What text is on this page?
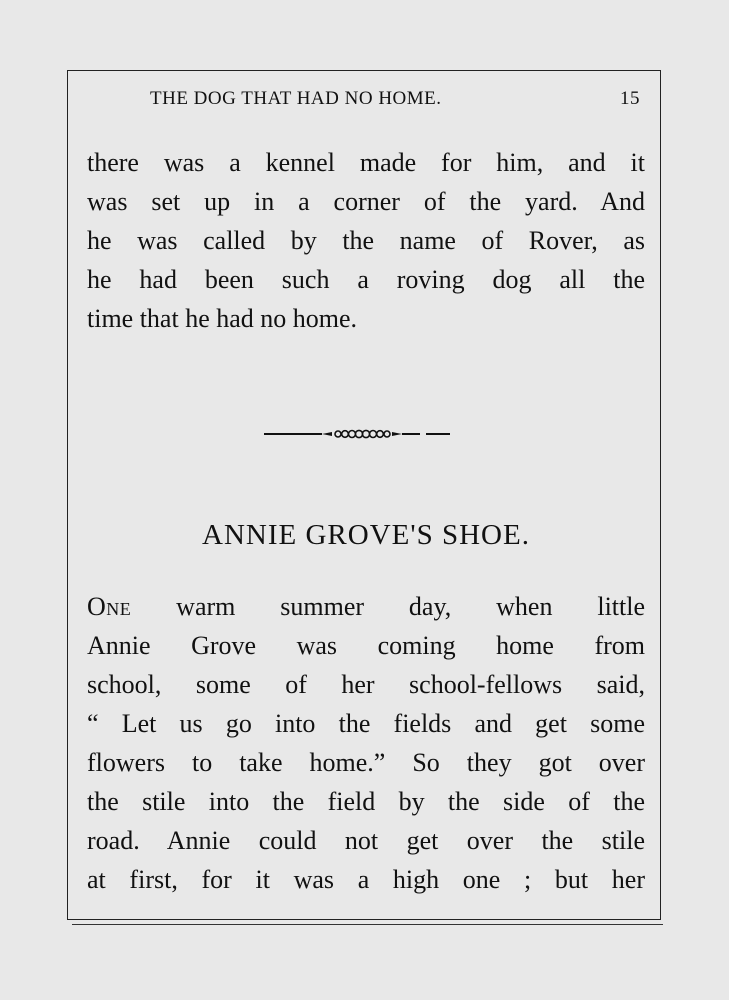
THE DOG THAT HAD NO HOME.	15
there was a kennel made for him, and it
was set up in a corner of the yard. And
he was called by the name of Rover, as
he had been such a roving dog all the
time that he had no home.
ANNIE GROVE'S SHOE.
One warm summer day, when little
Annie Grove was coming home from
school, some of her school-fellows said,
“ Let us go into the fields and get some
flowers to take home.” So they got over
the stile into the field by the side of the
road. Annie could not get over the stile
at first, for it was a high one ; but her
